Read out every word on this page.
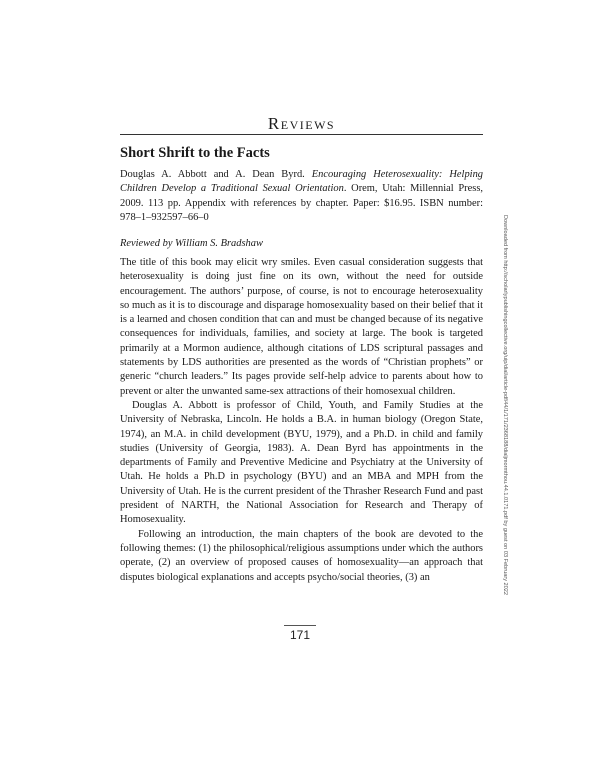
Reviews
Short Shrift to the Facts

Douglas A. Abbott and A. Dean Byrd. Encouraging Heterosexuality: Helping Children Develop a Traditional Sexual Orientation. Orem, Utah: Millennial Press, 2009. 113 pp. Appendix with references by chapter. Paper: $16.95. ISBN number: 978–1–932597–66–0

Reviewed by William S. Bradshaw

The title of this book may elicit wry smiles. Even casual consideration suggests that heterosexuality is doing just fine on its own, without the need for outside encouragement. The authors’ purpose, of course, is not to encourage heterosexuality so much as it is to discourage and disparage homosexuality based on their belief that it is a learned and chosen condition that can and must be changed because of its negative consequences for individuals, families, and society at large. The book is targeted primarily at a Mormon audience, although citations of LDS scriptural passages and statements by LDS authorities are presented as the words of “Christian prophets” or generic “church leaders.” Its pages provide self-help advice to parents about how to prevent or alter the unwanted same-sex attractions of their homosexual children.

Douglas A. Abbott is professor of Child, Youth, and Family Studies at the University of Nebraska, Lincoln. He holds a B.A. in human biology (Oregon State, 1974), an M.A. in child development (BYU, 1979), and a Ph.D. in child and family studies (University of Georgia, 1983). A. Dean Byrd has appointments in the departments of Family and Preventive Medicine and Psychiatry at the University of Utah. He holds a Ph.D in psychology (BYU) and an MBA and MPH from the University of Utah. He is the current president of the Thrasher Research Fund and past president of NARTH, the National Association for Research and Therapy of Homosexuality.

Following an introduction, the main chapters of the book are devoted to the following themes: (1) the philosophical/religious assumptions under which the authors operate, (2) an overview of proposed causes of homosexuality—an approach that disputes biological explanations and accepts psycho/social theories, (3) an

171
Downloaded from http://scholarlypublishingcollective.org/uip/dial/article-pdf/44/1/171/2368188/dialjmormthou.44.1.0171.pdf by guest on 03 February 2022
